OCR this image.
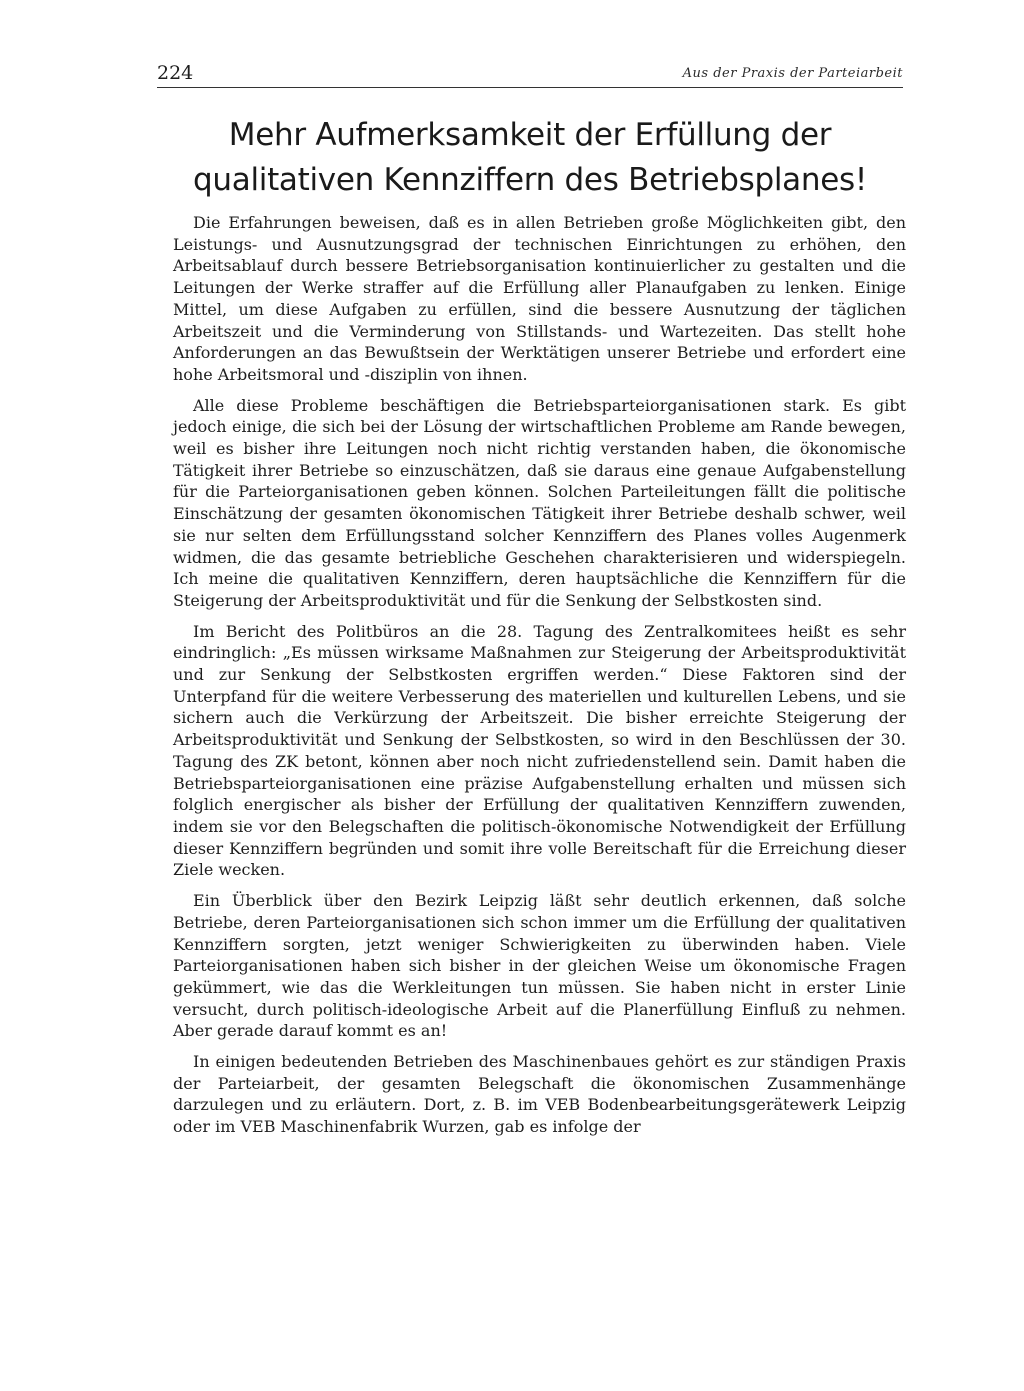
224	Aus der Praxis der Parteiarbeit
Mehr Aufmerksamkeit der Erfüllung der qualitativen Kennziffern des Betriebsplanes!

Die Erfahrungen beweisen, daß es in allen Betrieben große Möglichkeiten gibt, den Leistungs- und Ausnutzungsgrad der technischen Einrichtungen zu erhöhen, den Arbeitsablauf durch bessere Betriebsorganisation kontinuierlicher zu gestalten und die Leitungen der Werke straffer auf die Erfüllung aller Planaufgaben zu lenken. Einige Mittel, um diese Aufgaben zu erfüllen, sind die bessere Ausnutzung der täglichen Arbeitszeit und die Verminderung von Stillstands- und Wartezeiten. Das stellt hohe Anforderungen an das Bewußtsein der Werktätigen unserer Betriebe und erfordert eine hohe Arbeitsmoral und -disziplin von ihnen.

Alle diese Probleme beschäftigen die Betriebsparteiorganisationen stark. Es gibt jedoch einige, die sich bei der Lösung der wirtschaftlichen Probleme am Rande bewegen, weil es bisher ihre Leitungen noch nicht richtig verstanden haben, die ökonomische Tätigkeit ihrer Betriebe so einzuschätzen, daß sie daraus eine genaue Aufgabenstellung für die Parteiorganisationen geben können. Solchen Parteileitungen fällt die politische Einschätzung der gesamten ökonomischen Tätigkeit ihrer Betriebe deshalb schwer, weil sie nur selten dem Erfüllungsstand solcher Kennziffern des Planes volles Augenmerk widmen, die das gesamte betriebliche Geschehen charakterisieren und widerspiegeln. Ich meine die qualitativen Kennziffern, deren hauptsächliche die Kennziffern für die Steigerung der Arbeitsproduktivität und für die Senkung der Selbstkosten sind.

Im Bericht des Politbüros an die 28. Tagung des Zentralkomitees heißt es sehr eindringlich: „Es müssen wirksame Maßnahmen zur Steigerung der Arbeitsproduktivität und zur Senkung der Selbstkosten ergriffen werden.“ Diese Faktoren sind der Unterpfand für die weitere Verbesserung des materiellen und kulturellen Lebens, und sie sichern auch die Verkürzung der Arbeitszeit. Die bisher erreichte Steigerung der Arbeitsproduktivität und Senkung der Selbstkosten, so wird in den Beschlüssen der 30. Tagung des ZK betont, können aber noch nicht zufriedenstellend sein. Damit haben die Betriebsparteiorganisationen eine präzise Aufgabenstellung erhalten und müssen sich folglich energischer als bisher der Erfüllung der qualitativen Kennziffern zuwenden, indem sie vor den Belegschaften die politisch-ökonomische Notwendigkeit der Erfüllung dieser Kennziffern begründen und somit ihre volle Bereitschaft für die Erreichung dieser Ziele wecken.

Ein Überblick über den Bezirk Leipzig läßt sehr deutlich erkennen, daß solche Betriebe, deren Parteiorganisationen sich schon immer um die Erfüllung der qualitativen Kennziffern sorgten, jetzt weniger Schwierigkeiten zu überwinden haben. Viele Parteiorganisationen haben sich bisher in der gleichen Weise um ökonomische Fragen gekümmert, wie das die Werkleitungen tun müssen. Sie haben nicht in erster Linie versucht, durch politisch-ideologische Arbeit auf die Planerfüllung Einfluß zu nehmen. Aber gerade darauf kommt es an!

In einigen bedeutenden Betrieben des Maschinenbaues gehört es zur ständigen Praxis der Parteiarbeit, der gesamten Belegschaft die ökonomischen Zusammenhänge darzulegen und zu erläutern. Dort, z. B. im VEB Bodenbearbeitungsgerätewerk Leipzig oder im VEB Maschinenfabrik Wurzen, gab es infolge der
